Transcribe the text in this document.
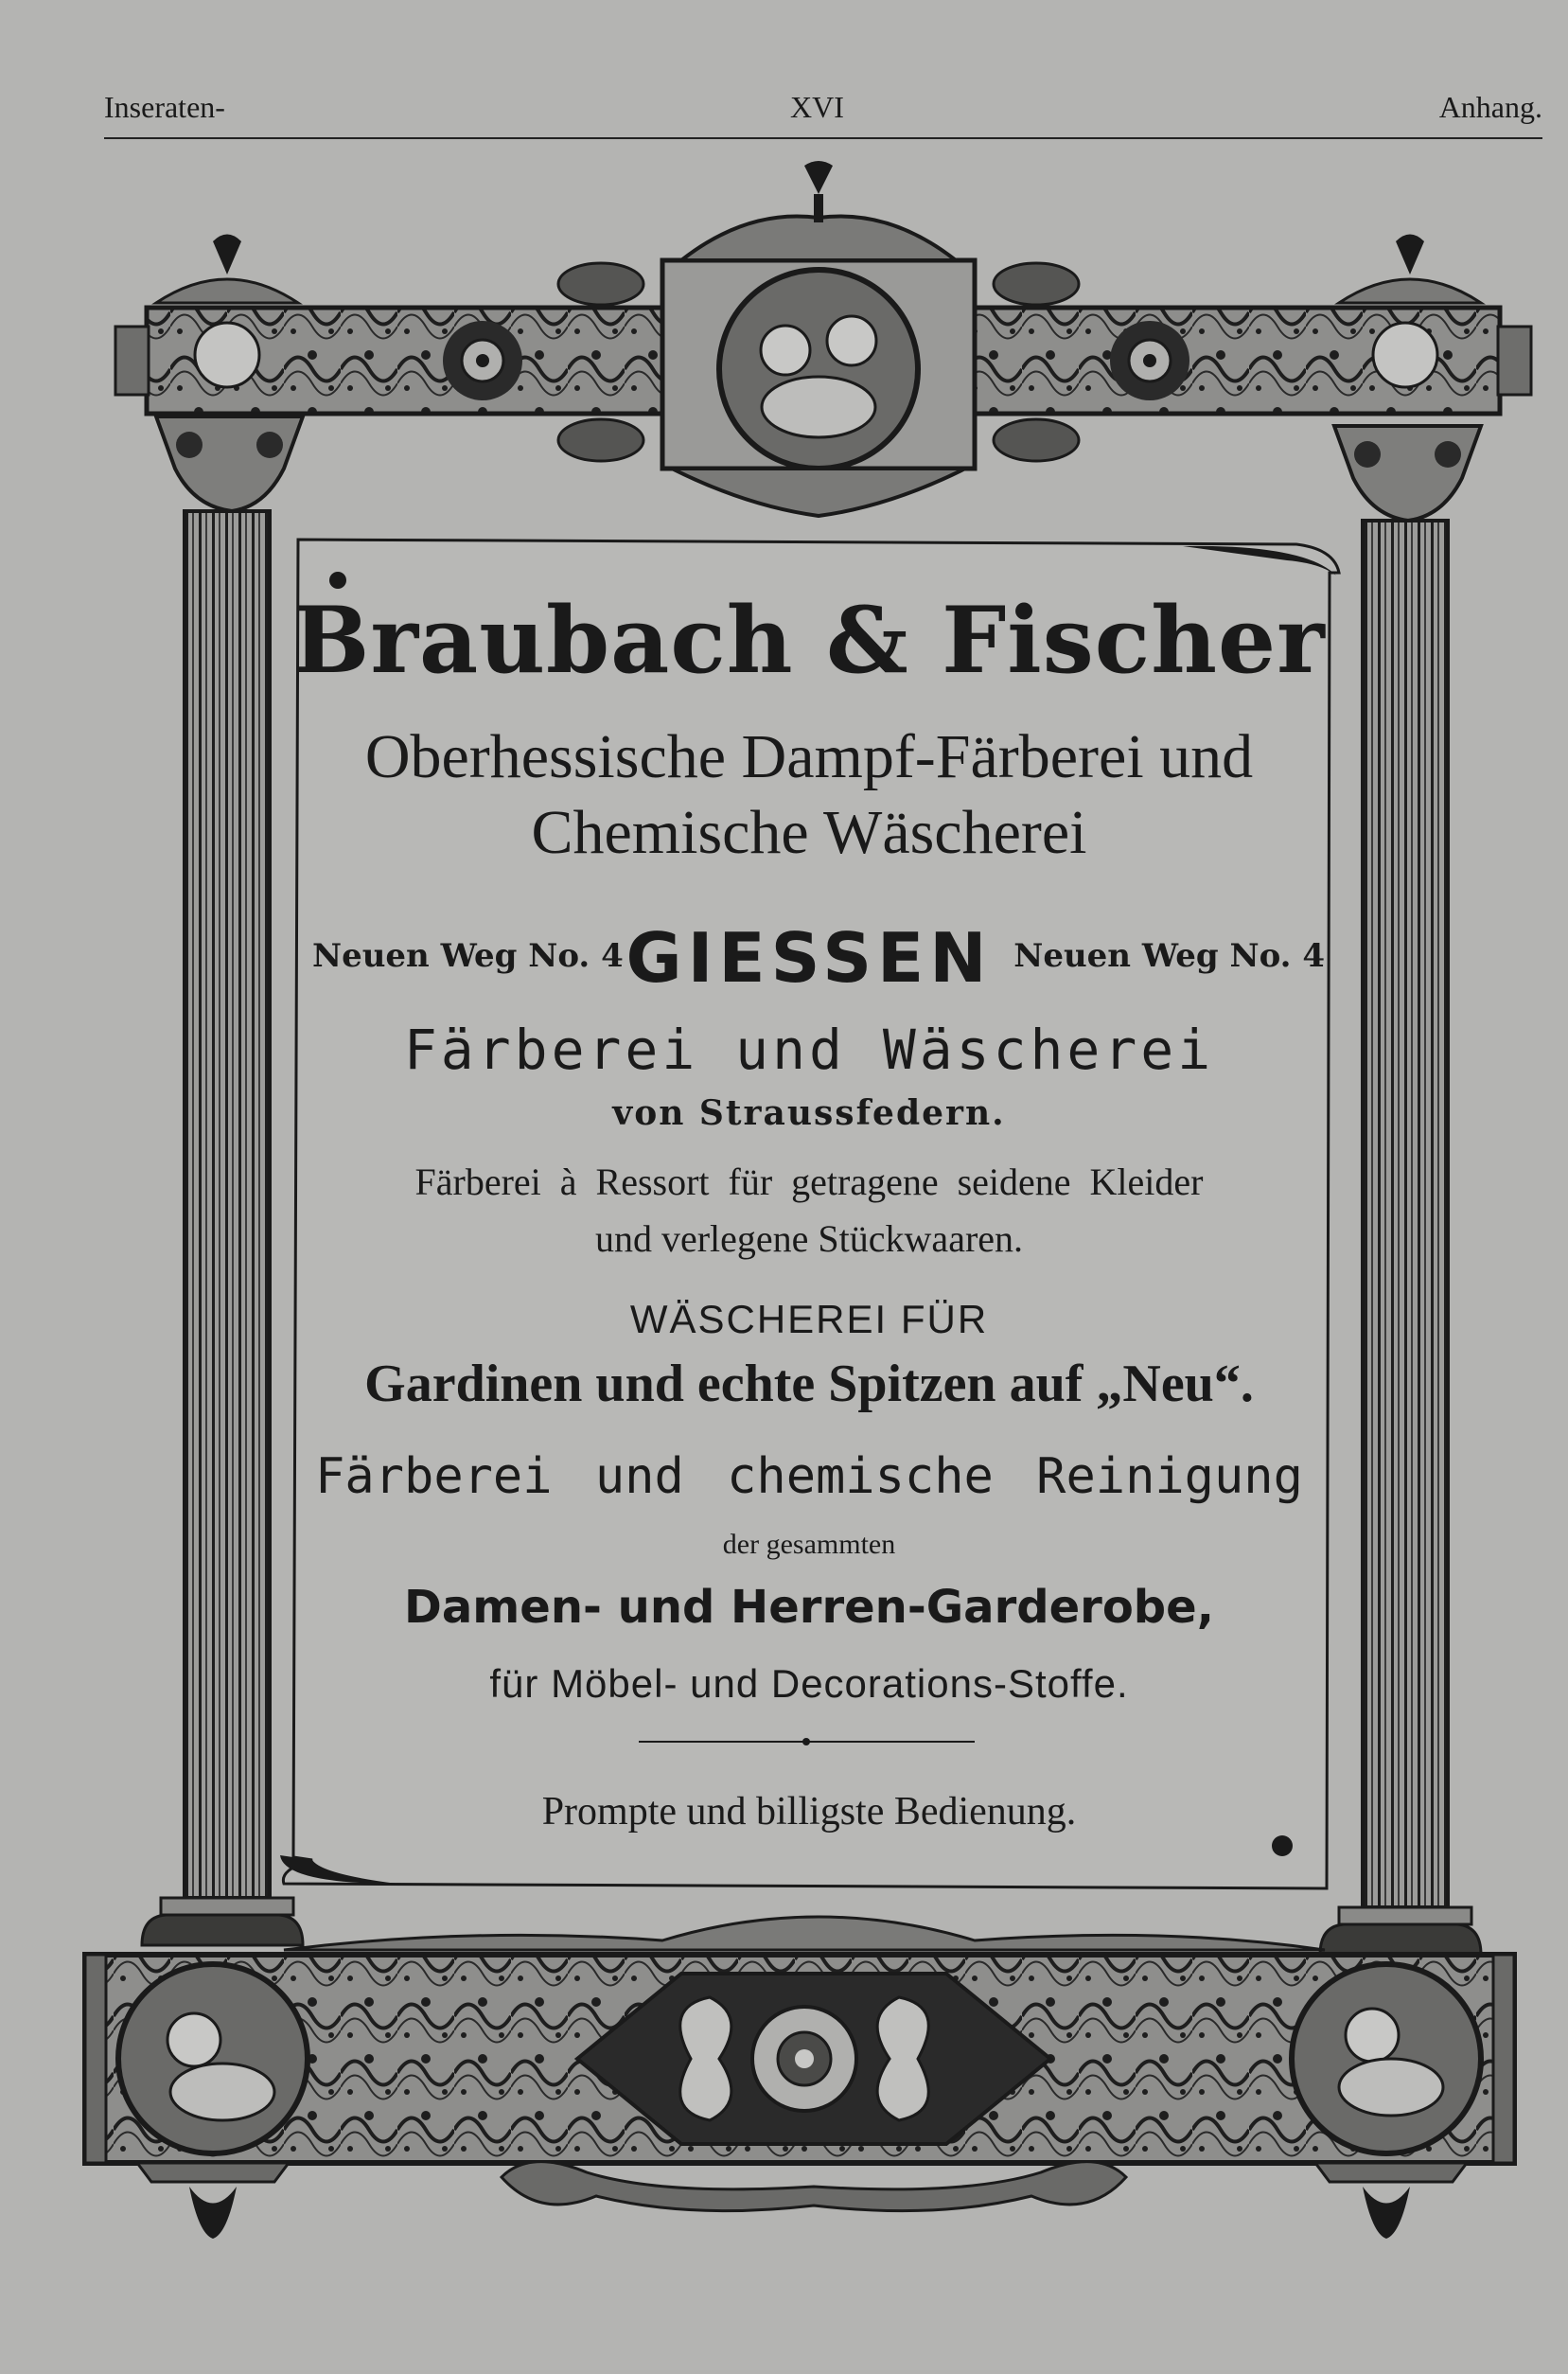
Inseraten-	XVI	Anhang.
Braubach & Fischer
Oberhessische Dampf-Färberei und
Chemische Wäscherei
Neuen Weg No. 4 GIESSEN Neuen Weg No. 4
Färberei und Wäscherei
von Straussfedern.
Färberei à Ressort für getragene seidene Kleider
und verlegene Stückwaaren.
WÄSCHEREI FÜR
Gardinen und echte Spitzen auf „Neu“.
Färberei und chemische Reinigung
der gesammten
Damen- und Herren-Garderobe,
für Möbel- und Decorations-Stoffe.
Prompte und billigste Bedienung.
